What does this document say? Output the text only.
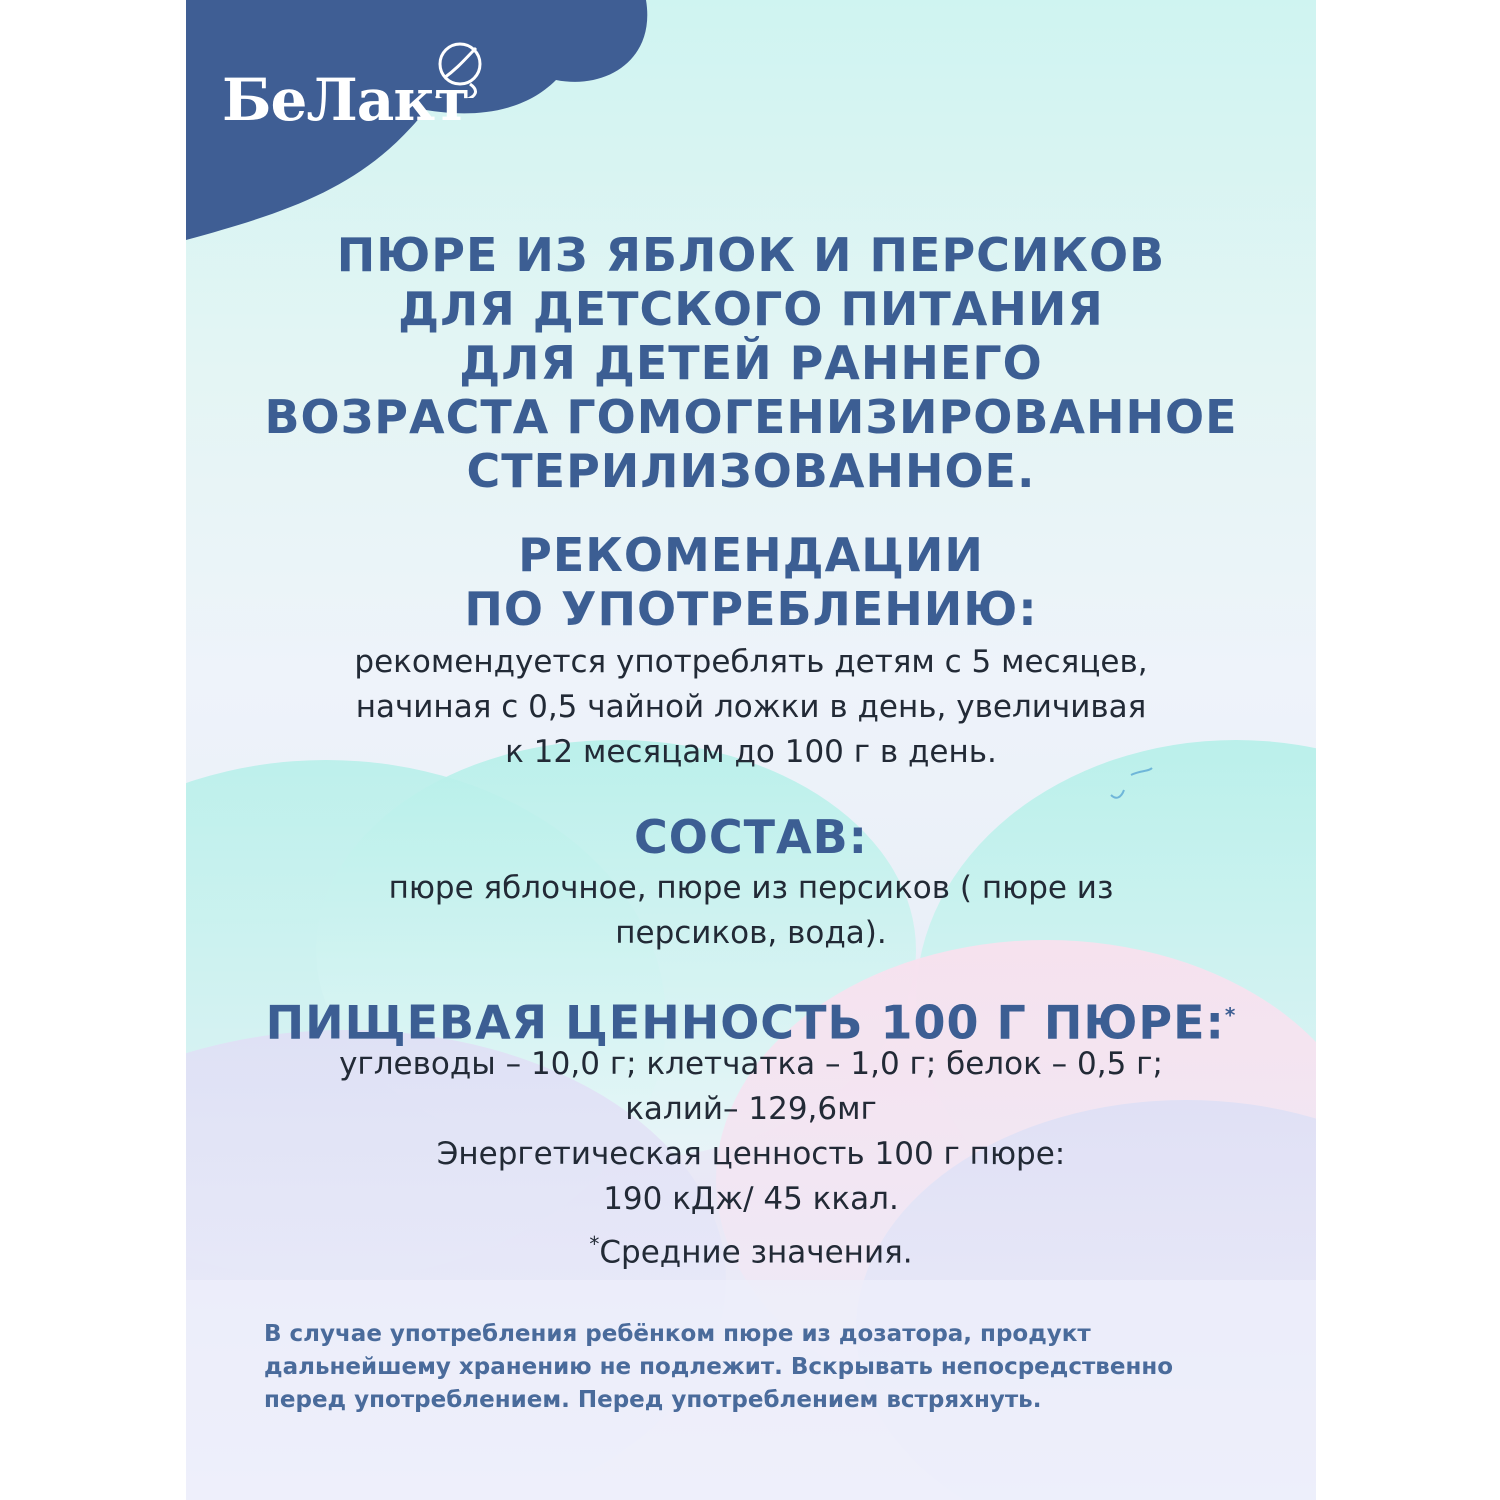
БеЛакт
ПЮРЕ ИЗ ЯБЛОК И ПЕРСИКОВ
ДЛЯ ДЕТСКОГО ПИТАНИЯ
ДЛЯ ДЕТЕЙ РАННЕГО
ВОЗРАСТА ГОМОГЕНИЗИРОВАННОЕ
СТЕРИЛИЗОВАННОЕ.
РЕКОМЕНДАЦИИ
ПО УПОТРЕБЛЕНИЮ:
рекомендуется употреблять детям с 5 месяцев,
начиная с 0,5 чайной ложки в день, увеличивая
к 12 месяцам до 100 г в день.
СОСТАВ:
пюре яблочное, пюре из персиков ( пюре из
персиков, вода).
ПИЩЕВАЯ ЦЕННОСТЬ 100 Г ПЮРЕ:*
углеводы – 10,0 г; клетчатка – 1,0 г; белок – 0,5 г;
калий– 129,6мг
Энергетическая ценность 100 г пюре:
190 кДж/ 45 ккал.
*Средние значения.
В случае употребления ребёнком пюре из дозатора, продукт
дальнейшему хранению не подлежит. Вскрывать непосредственно
перед употреблением. Перед употреблением встряхнуть.
